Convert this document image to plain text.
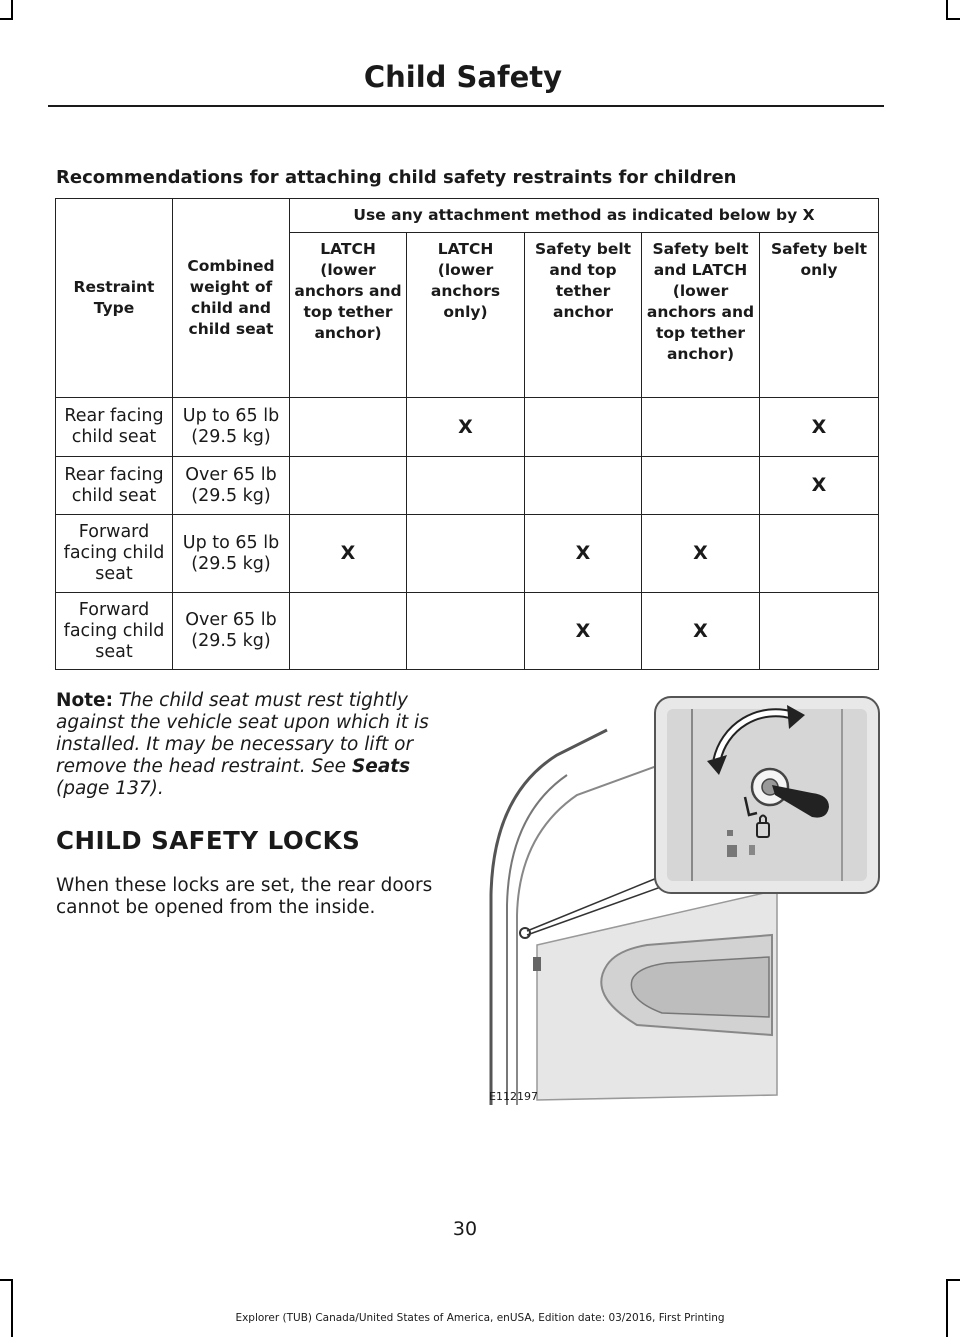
Child Safety
Recommendations for attaching child safety restraints for children
Restraint Type	Combined weight of child and child seat	Use any attachment method as indicated below by X				
		LATCH (lower anchors and top tether anchor)	LATCH (lower anchors only)	Safety belt and top tether anchor	Safety belt and LATCH (lower anchors and top tether anchor)	Safety belt only
Rear facing child seat	Up to 65 lb (29.5 kg)		X			X
Rear facing child seat	Over 65 lb (29.5 kg)					X
Forward facing child seat	Up to 65 lb (29.5 kg)	X		X	X	
Forward facing child seat	Over 65 lb (29.5 kg)			X	X	
Note: The child seat must rest tightly against the vehicle seat upon which it is installed. It may be necessary to lift or remove the head restraint. See Seats (page 137).
CHILD SAFETY LOCKS
When these locks are set, the rear doors cannot be opened from the inside.
E112197
30
Explorer (TUB) Canada/United States of America, enUSA, Edition date: 03/2016, First Printing
